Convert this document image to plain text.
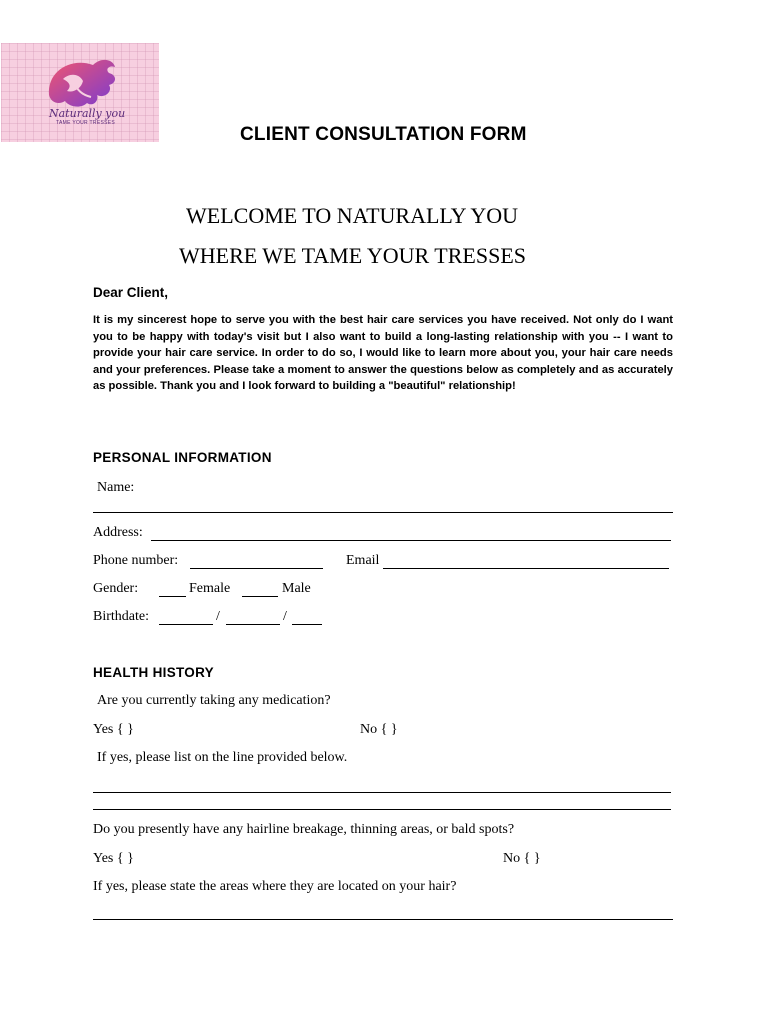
Naturally you
TAME YOUR TRESSES
CLIENT CONSULTATION FORM
WELCOME TO NATURALLY YOU
WHERE WE TAME YOUR TRESSES
Dear Client,
It is my sincerest hope to serve you with the best hair care services you have received. Not only do I want you to be happy with today's visit but I also want to build a long-lasting relationship with you -- I want to provide your hair care service. In order to do so, I would like to learn more about you, your hair care needs and your preferences. Please take a moment to answer the questions below as completely and as accurately as possible. Thank you and I look forward to building a "beautiful" relationship!
PERSONAL INFORMATION
Name:
Address:
Phone number:	Email
Gender:	Female	Male
Birthdate:	/	/
HEALTH HISTORY
Are you currently taking any medication?
Yes { }	No { }
If yes, please list on the line provided below.
Do you presently have any hairline breakage, thinning areas, or bald spots?
Yes { }	No { }
If yes, please state the areas where they are located on your hair?
